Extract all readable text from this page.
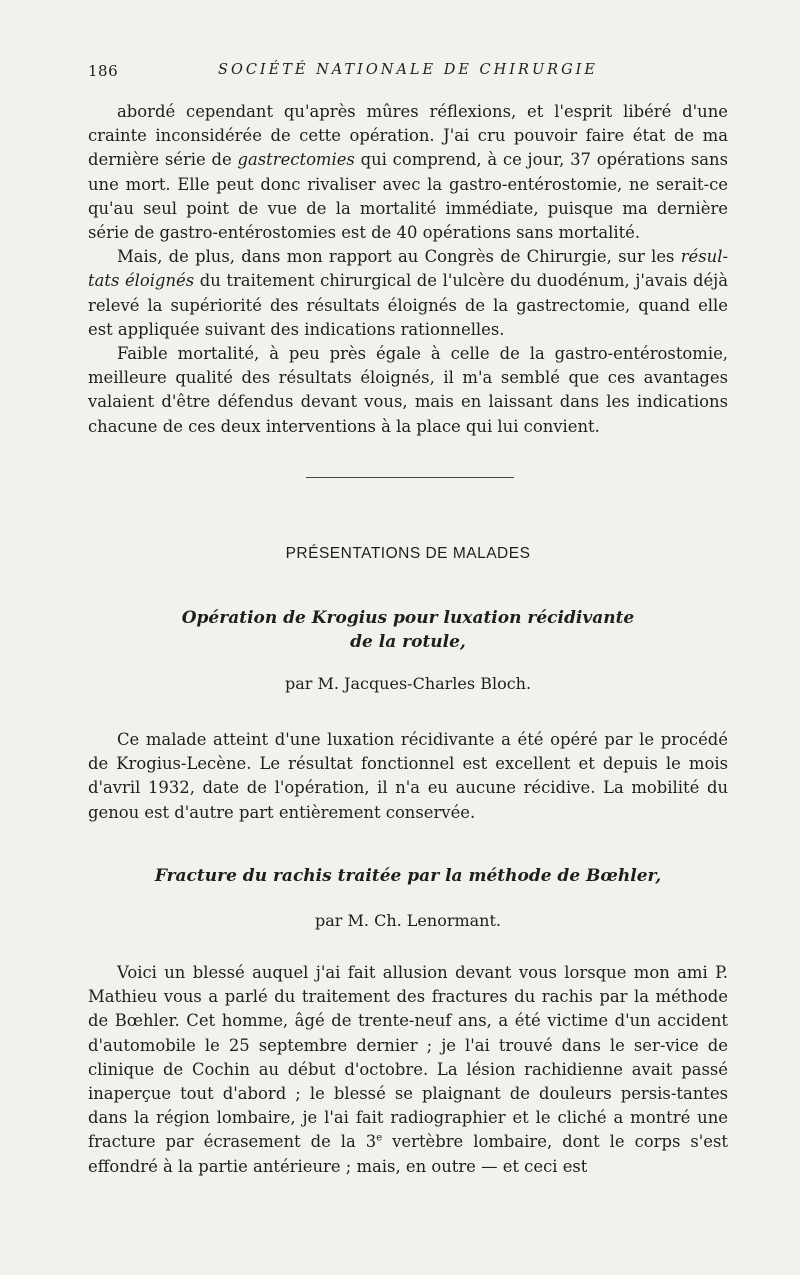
186	SOCIÉTÉ NATIONALE DE CHIRURGIE

abordé cependant qu'après mûres réflexions, et l'esprit libéré d'une crainte inconsidérée de cette opération. J'ai cru pouvoir faire état de ma dernière série de gastrectomies qui comprend, à ce jour, 37 opérations sans une mort. Elle peut donc rivaliser avec la gastro-entérostomie, ne serait-ce qu'au seul point de vue de la mortalité immédiate, puisque ma dernière série de gastro-entérostomies est de 40 opérations sans mortalité.

Mais, de plus, dans mon rapport au Congrès de Chirurgie, sur les résul-tats éloignés du traitement chirurgical de l'ulcère du duodénum, j'avais déjà relevé la supériorité des résultats éloignés de la gastrectomie, quand elle est appliquée suivant des indications rationnelles.

Faible mortalité, à peu près égale à celle de la gastro-entérostomie, meilleure qualité des résultats éloignés, il m'a semblé que ces avantages valaient d'être défendus devant vous, mais en laissant dans les indications chacune de ces deux interventions à la place qui lui convient.

PRÉSENTATIONS DE MALADES
Opération de Krogius pour luxation récidivante
de la rotule,
par M. Jacques-Charles Bloch.

Ce malade atteint d'une luxation récidivante a été opéré par le procédé de Krogius-Lecène. Le résultat fonctionnel est excellent et depuis le mois d'avril 1932, date de l'opération, il n'a eu aucune récidive. La mobilité du genou est d'autre part entièrement conservée.

Fracture du rachis traitée par la méthode de Bœhler,
par M. Ch. Lenormant.

Voici un blessé auquel j'ai fait allusion devant vous lorsque mon ami P. Mathieu vous a parlé du traitement des fractures du rachis par la méthode de Bœhler. Cet homme, âgé de trente-neuf ans, a été victime d'un accident d'automobile le 25 septembre dernier ; je l'ai trouvé dans le ser-vice de clinique de Cochin au début d'octobre. La lésion rachidienne avait passé inaperçue tout d'abord ; le blessé se plaignant de douleurs persis-tantes dans la région lombaire, je l'ai fait radiographier et le cliché a montré une fracture par écrasement de la 3e vertèbre lombaire, dont le corps s'est effondré à la partie antérieure ; mais, en outre — et ceci est
